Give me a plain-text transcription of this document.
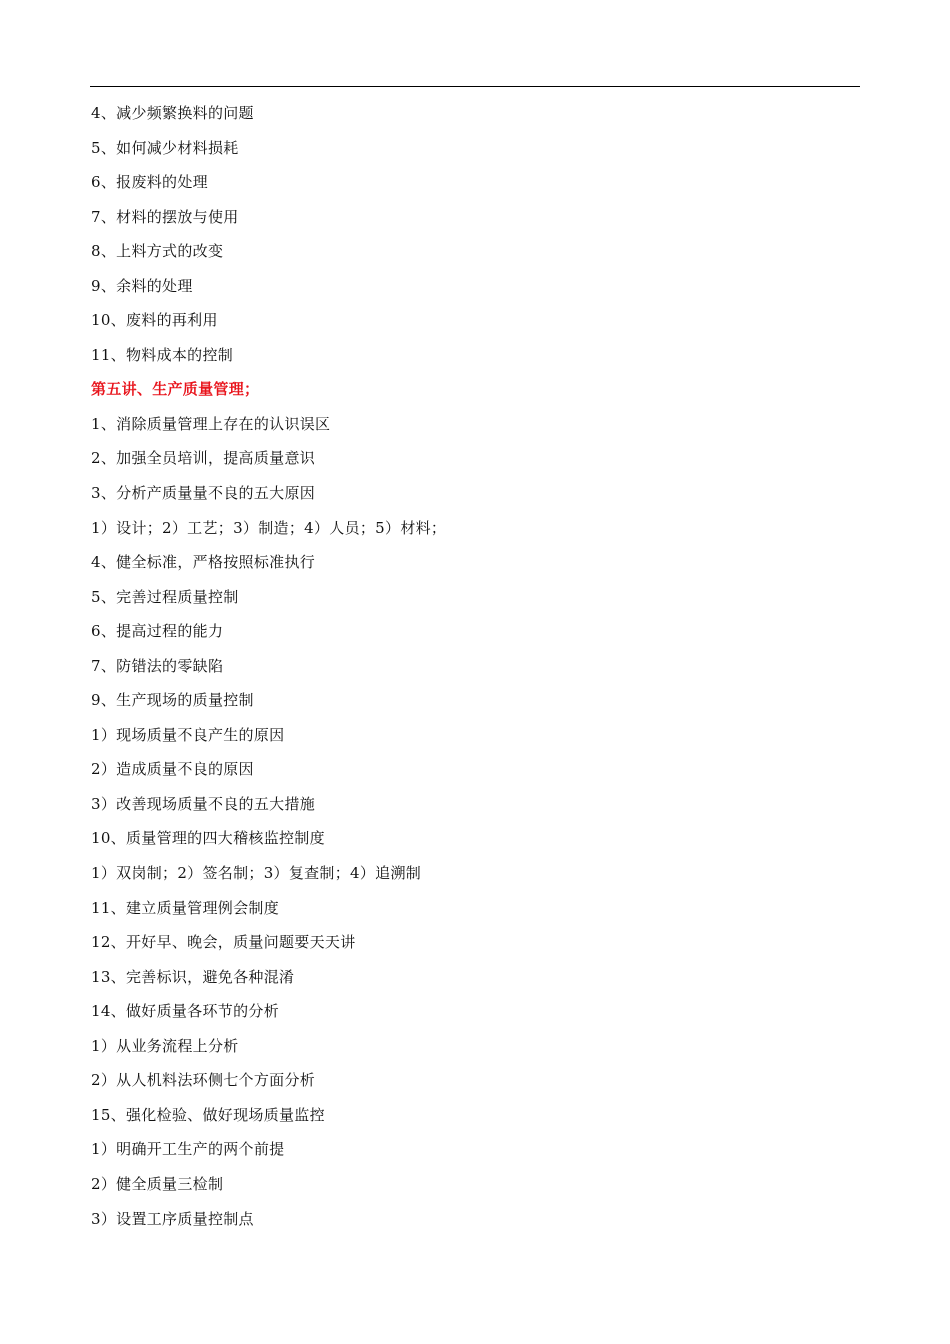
4、减少频繁换料的问题
5、如何减少材料损耗
6、报废料的处理
7、材料的摆放与使用
8、上料方式的改变
9、余料的处理
10、废料的再利用
11、物料成本的控制
第五讲、生产质量管理；
1、消除质量管理上存在的认识误区
2、加强全员培训，提高质量意识
3、分析产质量量不良的五大原因
1）设计；2）工艺；3）制造；4）人员；5）材料；
4、健全标准，严格按照标准执行
5、完善过程质量控制
6、提高过程的能力
7、防错法的零缺陷
9、生产现场的质量控制
1）现场质量不良产生的原因
2）造成质量不良的原因
3）改善现场质量不良的五大措施
10、质量管理的四大稽核监控制度
1）双岗制；2）签名制；3）复查制；4）追溯制
11、建立质量管理例会制度
12、开好早、晚会，质量问题要天天讲
13、完善标识，避免各种混淆
14、做好质量各环节的分析
1）从业务流程上分析
2）从人机料法环侧七个方面分析
15、强化检验、做好现场质量监控
1）明确开工生产的两个前提
2）健全质量三检制
3）设置工序质量控制点
